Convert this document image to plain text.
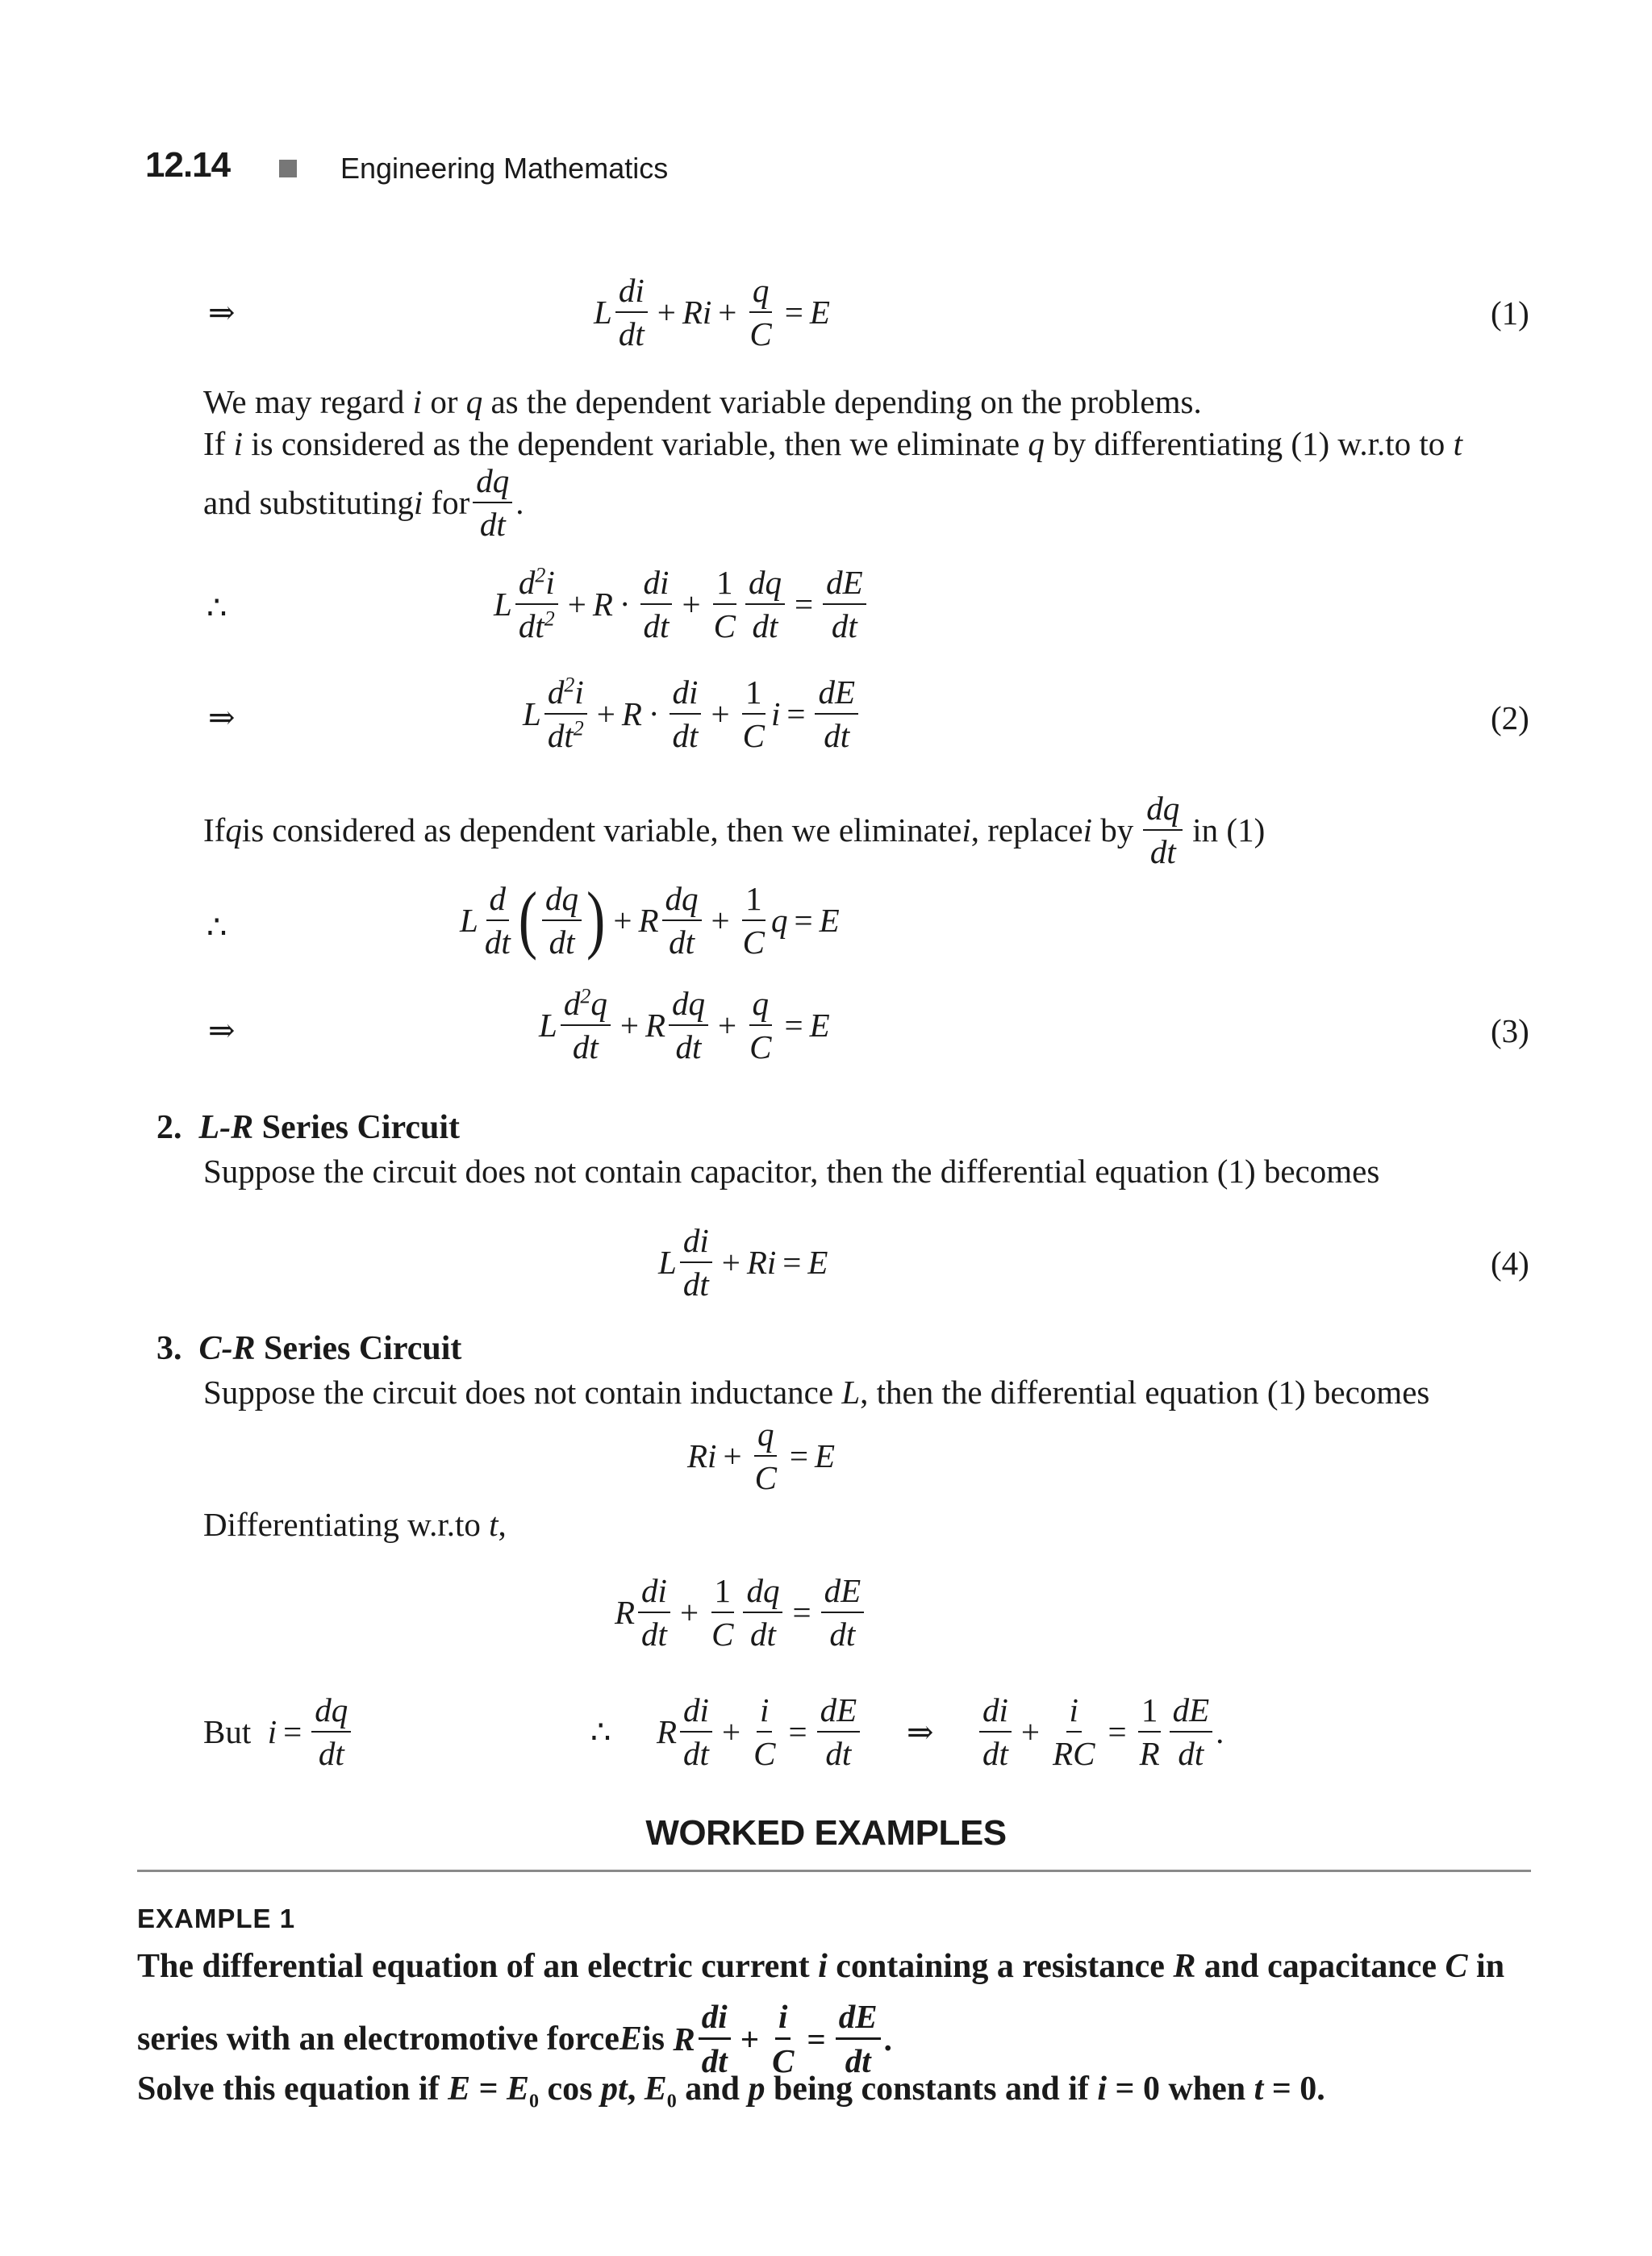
12.14	Engineering Mathematics
⇒	L $\frac{di}{dt} + Ri + \frac{q}{C} = E$	(1)
We may regard i or q as the dependent variable depending on the problems.
If i is considered as the dependent variable, then we eliminate q by differentiating (1) w.r.to to t
and substituting i
for $\frac{dq}{dt}$ .
∴	L $\frac{d^2i}{dt^2} + R \cdot \frac{di}{dt} + \frac{1}{C} \frac{dq}{dt} = \frac{dE}{dt}$
⇒	L $\frac{d^2i}{dt^2} + R \cdot \frac{di}{dt} + \frac{1}{C}$ $i = \frac{dE}{dt}$	(2)
If q is considered as dependent variable, then we eliminate i , replace i
by $\frac{dq}{dt}$ in (1)
∴	L $\frac{d}{dt}$ ( $\frac{dq}{dt}$ ) + R $\frac{dq}{dt} + \frac{1}{C}$ q = E
⇒	L $\frac{d^2q}{dt} + R \frac{dq}{dt} + \frac{q}{C} = E$	(3)
2. L-R Series Circuit
Suppose the circuit does not contain capacitor, then the differential equation (1) becomes
L $\frac{di}{dt} + Ri = E$	(4)
3. C-R Series Circuit
Suppose the circuit does not contain inductance L, then the differential equation (1) becomes
$Ri + \frac{q}{C} = E$
Differentiating w.r.to t,
R $\frac{di}{dt} + \frac{1}{C} \frac{dq}{dt} = \frac{dE}{dt}$
But
$i = \frac{dq}{dt}$	∴ R $\frac{di}{dt} + \frac{i}{C} = \frac{dE}{dt}$ ⇒ $\frac{di}{dt} + \frac{i}{RC} = \frac{1}{R} \frac{dE}{dt}$ .
WORKED EXAMPLES
EXAMPLE 1
The differential equation of an electric current i containing a resistance R and capacitance C in
series with an electromotive force E is
R $\frac{di}{dt} + \frac{i}{C} = \frac{dE}{dt}$ .
Solve this equation if $E = E_0$ cos pt, $E_0$ and p being constants and if i = 0 when t = 0.
